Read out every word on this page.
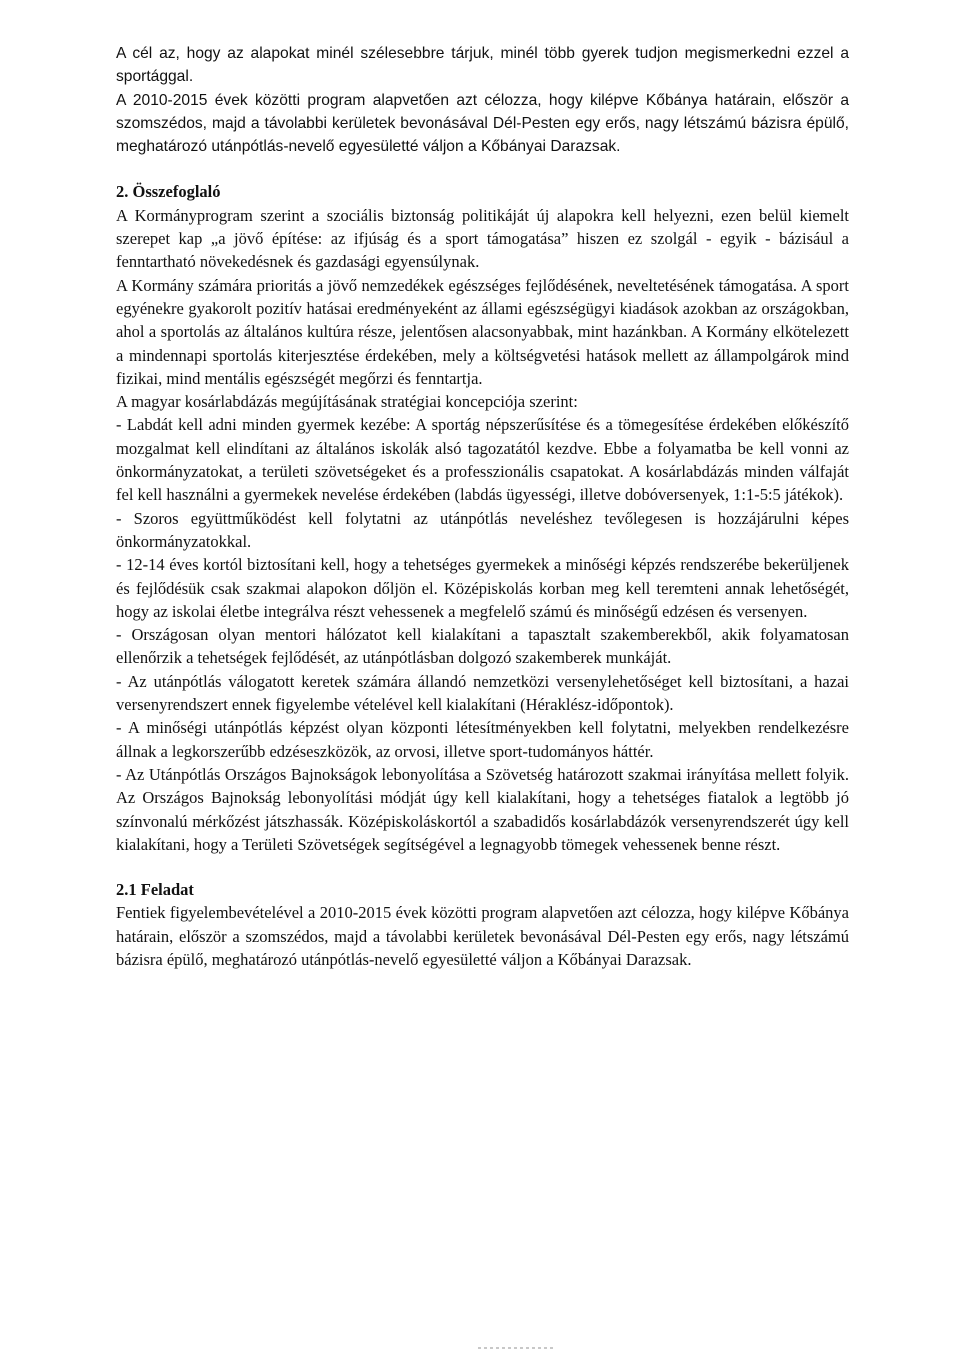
A cél az, hogy az alapokat minél szélesebbre tárjuk, minél több gyerek tudjon megismerkedni ezzel a sportággal.

A 2010-2015 évek közötti program alapvetően azt célozza, hogy kilépve Kőbánya határain, először a szomszédos, majd a távolabbi kerületek bevonásával Dél-Pesten egy erős, nagy létszámú bázisra épülő, meghatározó utánpótlás-nevelő egyesületté váljon a Kőbányai Darazsak.

2. Összefoglaló

A Kormányprogram szerint a szociális biztonság politikáját új alapokra kell helyezni, ezen belül kiemelt szerepet kap „a jövő építése: az ifjúság és a sport támogatása” hiszen ez szolgál - egyik - bázisául a fenntartható növekedésnek és gazdasági egyensúlynak.

A Kormány számára prioritás a jövő nemzedékek egészséges fejlődésének, neveltetésének támogatása. A sport egyénekre gyakorolt pozitív hatásai eredményeként az állami egészségügyi kiadások azokban az országokban, ahol a sportolás az általános kultúra része, jelentősen alacsonyabbak, mint hazánkban. A Kormány elkötelezett a mindennapi sportolás kiterjesztése érdekében, mely a költségvetési hatások mellett az állampolgárok mind fizikai, mind mentális egészségét megőrzi és fenntartja.

A magyar kosárlabdázás megújításának stratégiai koncepciója szerint:

- Labdát kell adni minden gyermek kezébe: A sportág népszerűsítése és a tömegesítése érdekében előkészítő mozgalmat kell elindítani az általános iskolák alsó tagozatától kezdve. Ebbe a folyamatba be kell vonni az önkormányzatokat, a területi szövetségeket és a professzionális csapatokat. A kosárlabdázás minden válfaját fel kell használni a gyermekek nevelése érdekében (labdás ügyességi, illetve dobóversenyek, 1:1-5:5 játékok).

- Szoros együttműködést kell folytatni az utánpótlás neveléshez tevőlegesen is hozzájárulni képes önkormányzatokkal.

- 12-14 éves kortól biztosítani kell, hogy a tehetséges gyermekek a minőségi képzés rendszerébe bekerüljenek és fejlődésük csak szakmai alapokon dőljön el. Középiskolás korban meg kell teremteni annak lehetőségét, hogy az iskolai életbe integrálva részt vehessenek a megfelelő számú és minőségű edzésen és versenyen.

- Országosan olyan mentori hálózatot kell kialakítani a tapasztalt szakemberekből, akik folyamatosan ellenőrzik a tehetségek fejlődését, az utánpótlásban dolgozó szakemberek munkáját.

- Az utánpótlás válogatott keretek számára állandó nemzetközi versenylehetőséget kell biztosítani, a hazai versenyrendszert ennek figyelembe vételével kell kialakítani (Héraklész-időpontok).

- A minőségi utánpótlás képzést olyan központi létesítményekben kell folytatni, melyekben rendelkezésre állnak a legkorszerűbb edzéseszközök, az orvosi, illetve sport-tudományos háttér.

- Az Utánpótlás Országos Bajnokságok lebonyolítása a Szövetség határozott szakmai irányítása mellett folyik. Az Országos Bajnokság lebonyolítási módját úgy kell kialakítani, hogy a tehetséges fiatalok a legtöbb jó színvonalú mérkőzést játszhassák. Középiskoláskortól a szabadidős kosárlabdázók versenyrendszerét úgy kell kialakítani, hogy a Területi Szövetségek segítségével a legnagyobb tömegek vehessenek benne részt.

2.1 Feladat

Fentiek figyelembevételével a 2010-2015 évek közötti program alapvetően azt célozza, hogy kilépve Kőbánya határain, először a szomszédos, majd a távolabbi kerületek bevonásával Dél-Pesten egy erős, nagy létszámú bázisra épülő, meghatározó utánpótlás-nevelő egyesületté váljon a Kőbányai Darazsak.
